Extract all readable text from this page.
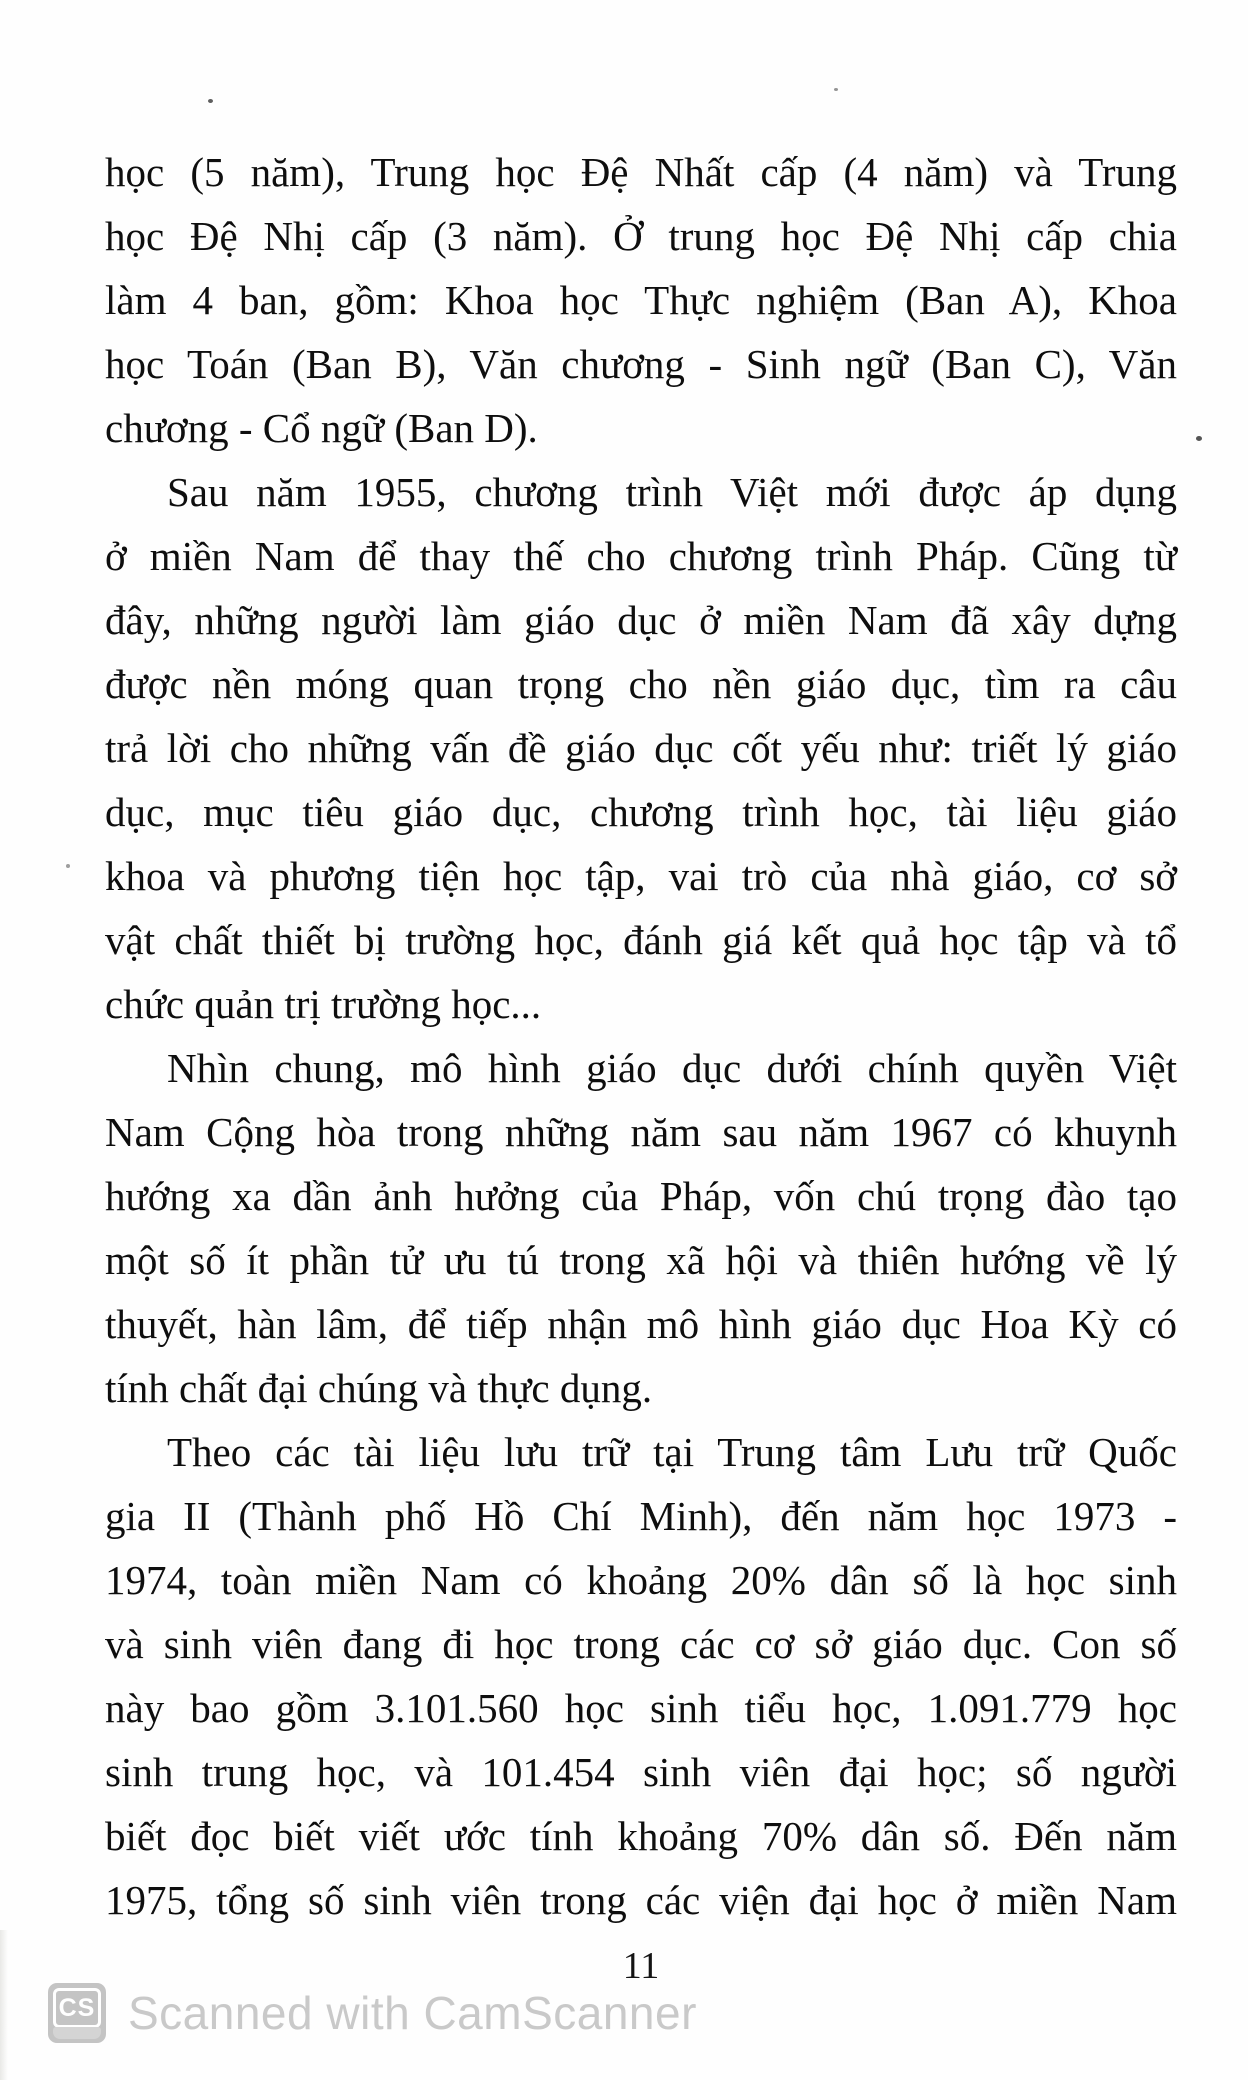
học (5 năm), Trung học Đệ Nhất cấp (4 năm) và Trung
học Đệ Nhị cấp (3 năm). Ở trung học Đệ Nhị cấp chia
làm 4 ban, gồm: Khoa học Thực nghiệm (Ban A), Khoa
học Toán (Ban B), Văn chương - Sinh ngữ (Ban C), Văn
chương - Cổ ngữ (Ban D).
Sau năm 1955, chương trình Việt mới được áp dụng
ở miền Nam để thay thế cho chương trình Pháp. Cũng từ
đây, những người làm giáo dục ở miền Nam đã xây dựng
được nền móng quan trọng cho nền giáo dục, tìm ra câu
trả lời cho những vấn đề giáo dục cốt yếu như: triết lý giáo
dục, mục tiêu giáo dục, chương trình học, tài liệu giáo
khoa và phương tiện học tập, vai trò của nhà giáo, cơ sở
vật chất thiết bị trường học, đánh giá kết quả học tập và tổ
chức quản trị trường học...
Nhìn chung, mô hình giáo dục dưới chính quyền Việt
Nam Cộng hòa trong những năm sau năm 1967 có khuynh
hướng xa dần ảnh hưởng của Pháp, vốn chú trọng đào tạo
một số ít phần tử ưu tú trong xã hội và thiên hướng về lý
thuyết, hàn lâm, để tiếp nhận mô hình giáo dục Hoa Kỳ có
tính chất đại chúng và thực dụng.
Theo các tài liệu lưu trữ tại Trung tâm Lưu trữ Quốc
gia II (Thành phố Hồ Chí Minh), đến năm học 1973 -
1974, toàn miền Nam có khoảng 20% dân số là học sinh
và sinh viên đang đi học trong các cơ sở giáo dục. Con số
này bao gồm 3.101.560 học sinh tiểu học, 1.091.779 học
sinh trung học, và 101.454 sinh viên đại học; số người
biết đọc biết viết ước tính khoảng 70% dân số. Đến năm
1975, tổng số sinh viên trong các viện đại học ở miền Nam
11
CS Scanned with CamScanner
